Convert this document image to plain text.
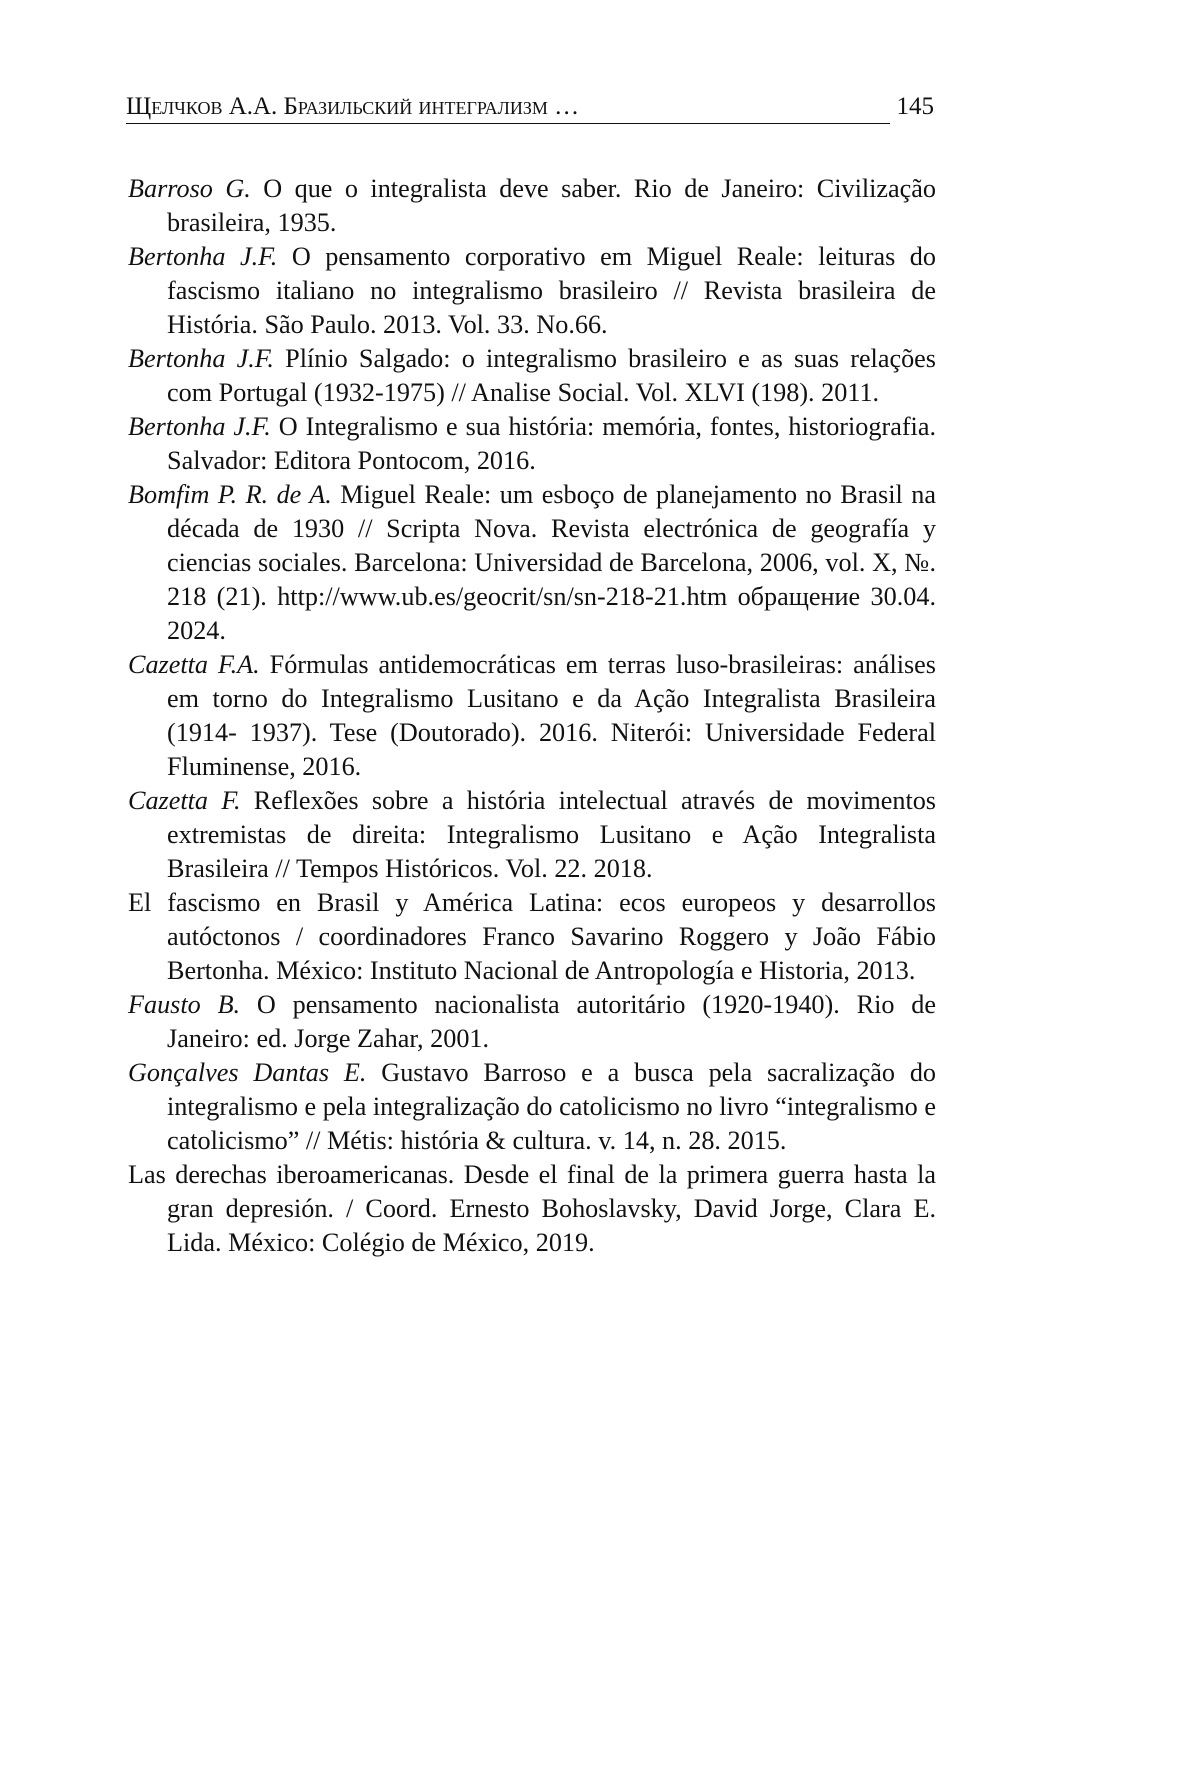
Щелчков А.А. Бразильский интегрализм …	145
Barroso G. O que o integralista deve saber. Rio de Janeiro: Civilização brasileira, 1935.
Bertonha J.F. O pensamento corporativo em Miguel Reale: leituras do fascismo italiano no integralismo brasileiro // Revista brasileira de História. São Paulo. 2013. Vol. 33. No.66.
Bertonha J.F. Plínio Salgado: o integralismo brasileiro e as suas relações com Portugal (1932-1975) // Analise Social. Vol. XLVI (198). 2011.
Bertonha J.F. O Integralismo e sua história: memória, fontes, historiografia. Salvador: Editora Pontocom, 2016.
Bomfim P. R. de A. Miguel Reale: um esboço de planejamento no Brasil na década de 1930 // Scripta Nova. Revista electrónica de geografía y ciencias sociales. Barcelona: Universidad de Barcelona, 2006, vol. X, №. 218 (21). http://www.ub.es/geocrit/sn/sn-218-21.htm обращение 30.04. 2024.
Cazetta F.A. Fórmulas antidemocráticas em terras luso-brasileiras: análises em torno do Integralismo Lusitano e da Ação Integralista Brasileira (1914- 1937). Tese (Doutorado). 2016. Niterói: Universidade Federal Fluminense, 2016.
Cazetta F. Reflexões sobre a história intelectual através de movimentos extremistas de direita: Integralismo Lusitano e Ação Integralista Brasileira // Tempos Históricos. Vol. 22. 2018.
El fascismo en Brasil y América Latina: ecos europeos y desarrollos autóctonos / coordinadores Franco Savarino Roggero y João Fábio Bertonha. México: Instituto Nacional de Antropología e Historia, 2013.
Fausto B. O pensamento nacionalista autoritário (1920-1940). Rio de Janeiro: ed. Jorge Zahar, 2001.
Gonçalves Dantas E. Gustavo Barroso e a busca pela sacralização do integralismo e pela integralização do catolicismo no livro “integralismo e catolicismo” // Métis: história & cultura. v. 14, n. 28. 2015.
Las derechas iberoamericanas. Desde el final de la primera guerra hasta la gran depresión. / Coord. Ernesto Bohoslavsky, David Jorge, Clara E. Lida. México: Colégio de México, 2019.
